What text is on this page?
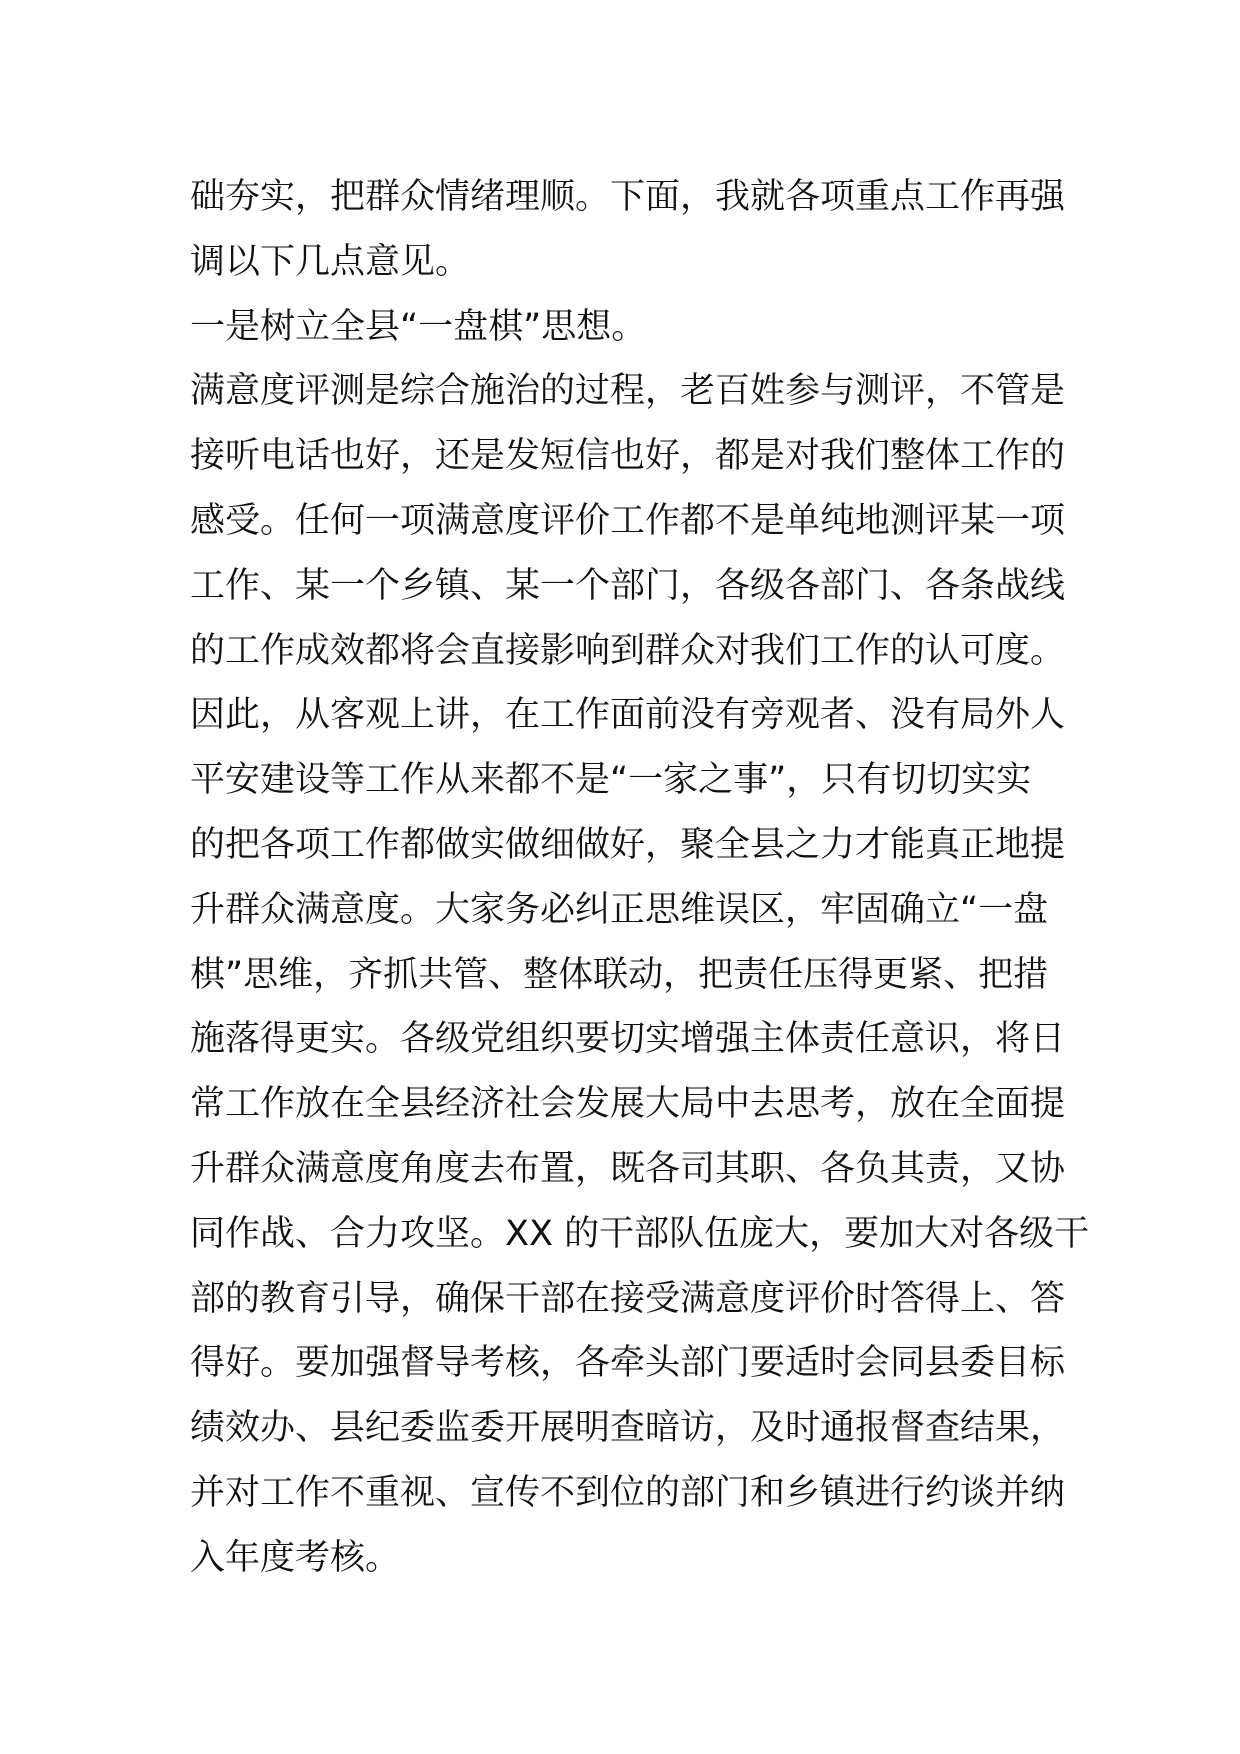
础夯实，把群众情绪理顺。下面，我就各项重点工作再强
调以下几点意见。
一是树立全县“一盘棋”思想。
满意度评测是综合施治的过程，老百姓参与测评，不管是
接听电话也好，还是发短信也好，都是对我们整体工作的
感受。任何一项满意度评价工作都不是单纯地测评某一项
工作、某一个乡镇、某一个部门，各级各部门、各条战线
的工作成效都将会直接影响到群众对我们工作的认可度。
因此，从客观上讲，在工作面前没有旁观者、没有局外人
平安建设等工作从来都不是“一家之事”，只有切切实实
的把各项工作都做实做细做好，聚全县之力才能真正地提
升群众满意度。大家务必纠正思维误区，牢固确立“一盘
棋”思维，齐抓共管、整体联动，把责任压得更紧、把措
施落得更实。各级党组织要切实增强主体责任意识，将日
常工作放在全县经济社会发展大局中去思考，放在全面提
升群众满意度角度去布置，既各司其职、各负其责，又协
同作战、合力攻坚。XX 的干部队伍庞大，要加大对各级干
部的教育引导，确保干部在接受满意度评价时答得上、答
得好。要加强督导考核，各牵头部门要适时会同县委目标
绩效办、县纪委监委开展明查暗访，及时通报督查结果，
并对工作不重视、宣传不到位的部门和乡镇进行约谈并纳
入年度考核。
